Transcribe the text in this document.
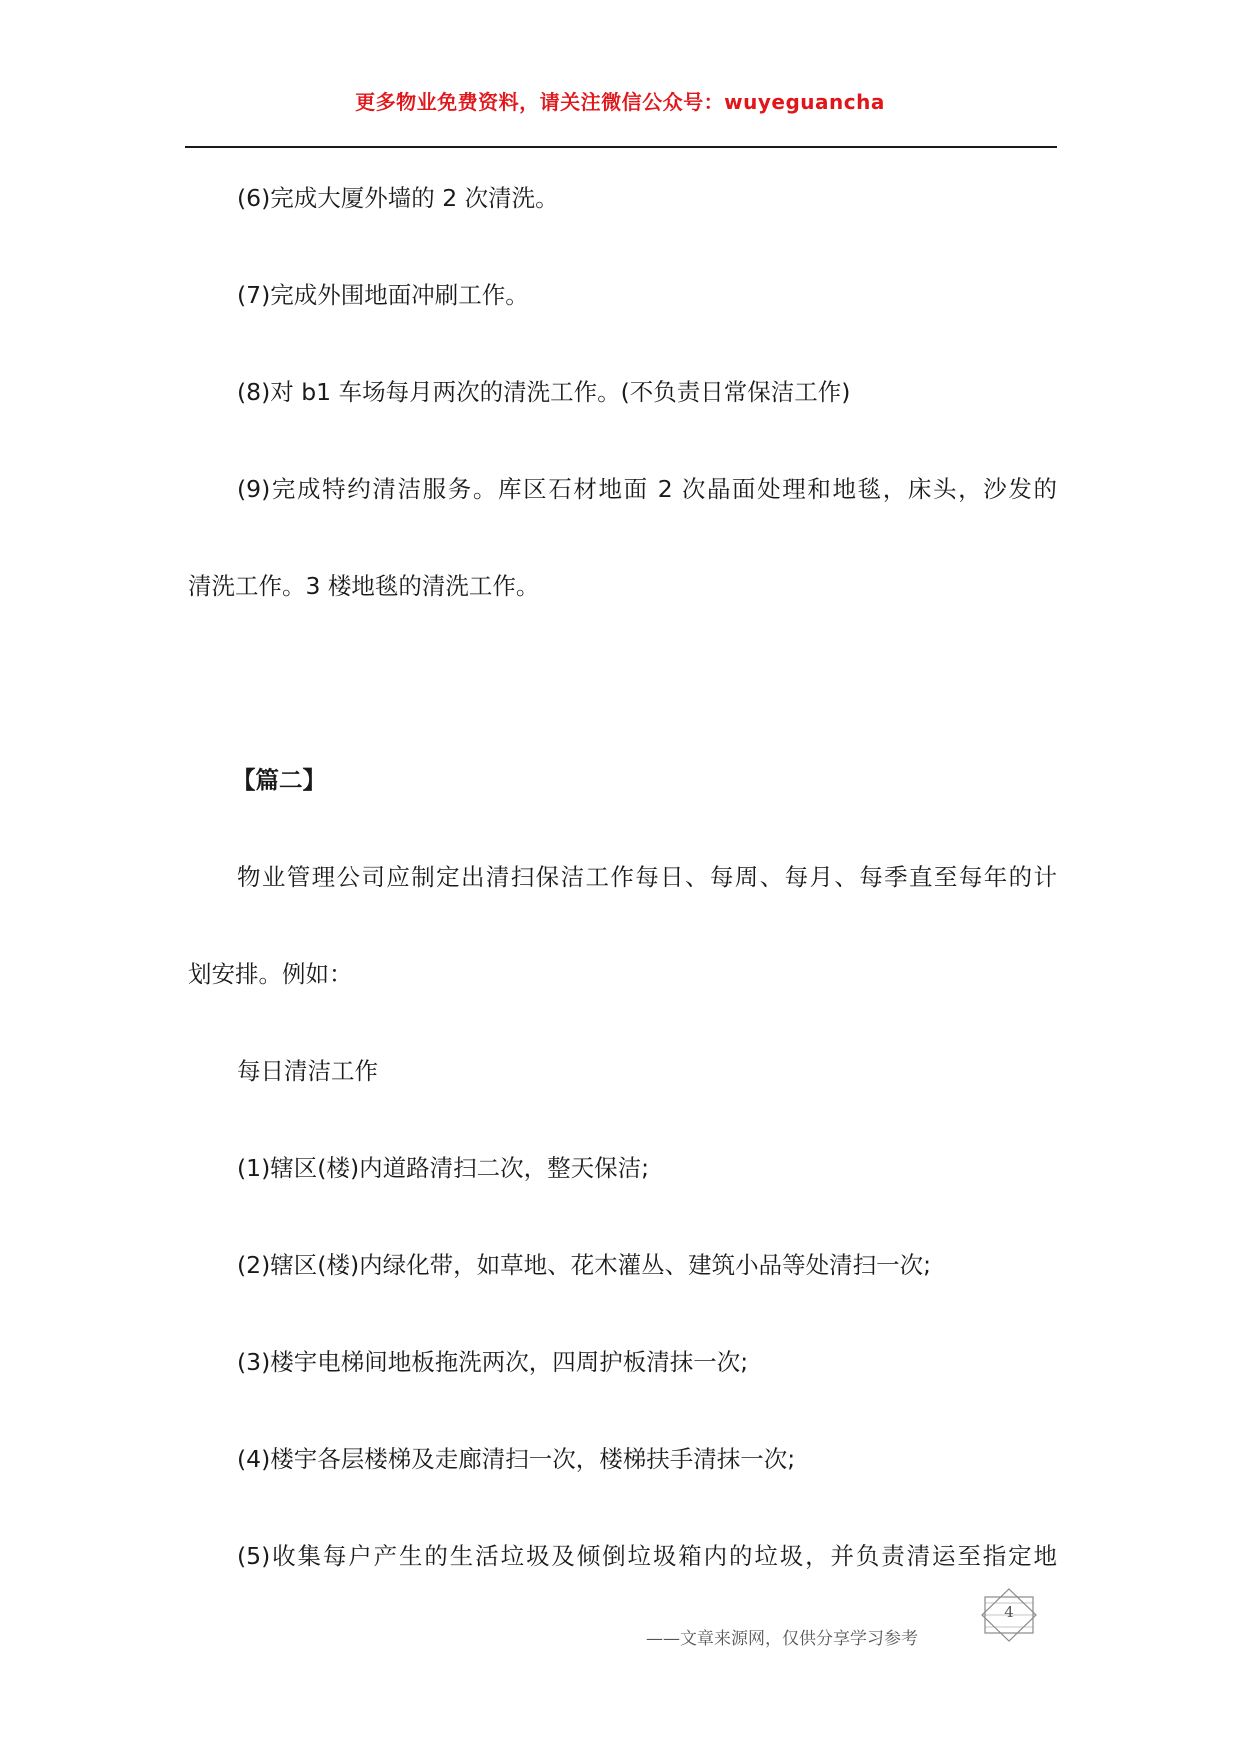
更多物业免费资料，请关注微信公众号：wuyeguancha
(6)完成大厦外墙的 2 次清洗。
(7)完成外围地面冲刷工作。
(8)对 b1 车场每月两次的清洗工作。(不负责日常保洁工作)
(9)完成特约清洁服务。库区石材地面 2 次晶面处理和地毯，床头，沙发的
清洗工作。3 楼地毯的清洗工作。
【篇二】
物业管理公司应制定出清扫保洁工作每日、每周、每月、每季直至每年的计
划安排。例如：
每日清洁工作
(1)辖区(楼)内道路清扫二次，整天保洁;
(2)辖区(楼)内绿化带，如草地、花木灌丛、建筑小品等处清扫一次;
(3)楼宇电梯间地板拖洗两次，四周护板清抹一次;
(4)楼宇各层楼梯及走廊清扫一次，楼梯扶手清抹一次;
(5)收集每户产生的生活垃圾及倾倒垃圾箱内的垃圾，并负责清运至指定地
——文章来源网，仅供分享学习参考
4
